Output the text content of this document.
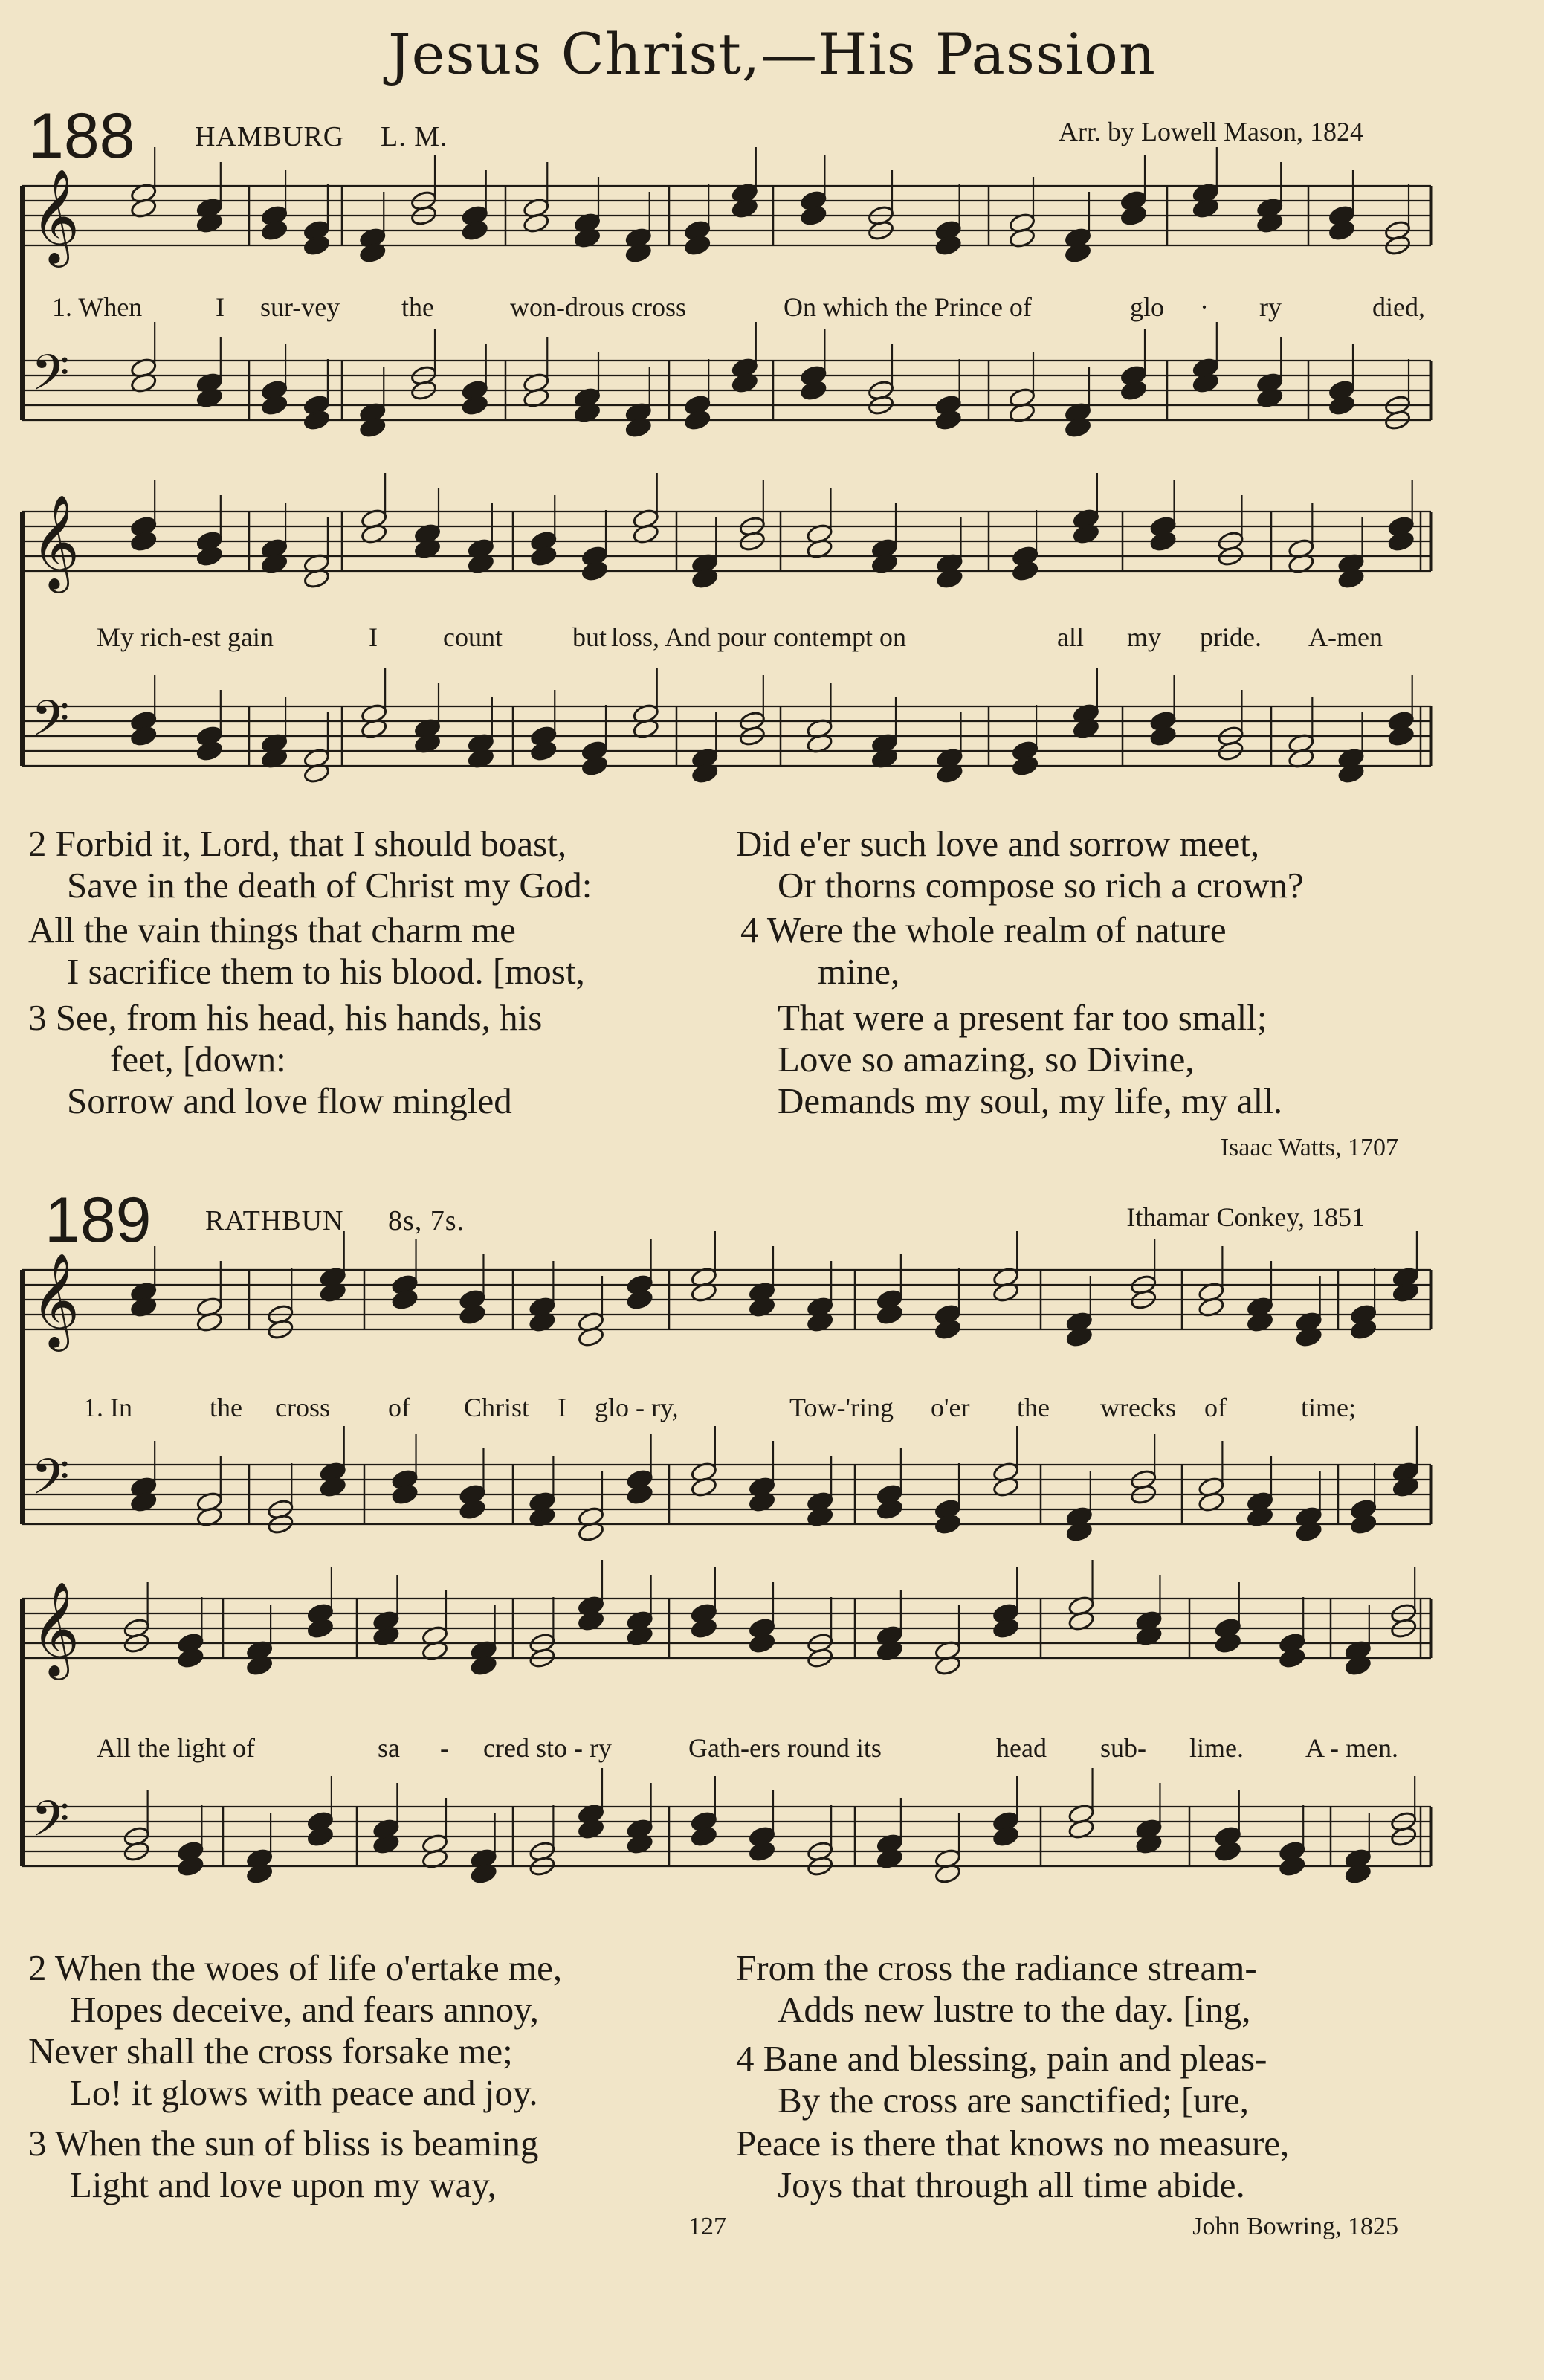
Jesus Christ,—His Passion
188 HAMBURG L. M.	Arr. by Lowell Mason, 1824
𝄞
𝄢
𝄞
𝄢
𝄞
𝄢
𝄞
𝄢
1. When	I sur-vey the	won-drous cross	On which the Prince of	glo · ry	died,
My rich-est gain	I count	but loss, And pour contempt on	all my pride. A-men
2 Forbid it, Lord, that I should boast,
Save in the death of Christ my God:
All the vain things that charm me
I sacrifice them to his blood. [most,
3 See, from his head, his hands, his
feet, [down:
Sorrow and love flow mingled
Did e'er such love and sorrow meet,
Or thorns compose so rich a crown?
4 Were the whole realm of nature
mine,
That were a present far too small;
Love so amazing, so Divine,
Demands my soul, my life, my all.
Isaac Watts, 1707
189 RATHBUN 8s, 7s.	Ithamar Conkey, 1851
1. In	the cross of Christ I glo - ry,	Tow-'ring o'er the wrecks of	time;
All the light of	sa - cred sto - ry	Gath-ers round its	head sub- lime. A - men.
2 When the woes of life o'ertake me,
Hopes deceive, and fears annoy,
Never shall the cross forsake me;
Lo! it glows with peace and joy.
3 When the sun of bliss is beaming
Light and love upon my way,
From the cross the radiance stream-
Adds new lustre to the day. [ing,
4 Bane and blessing, pain and pleas-
By the cross are sanctified; [ure,
Peace is there that knows no measure,
Joys that through all time abide.
127	John Bowring, 1825
